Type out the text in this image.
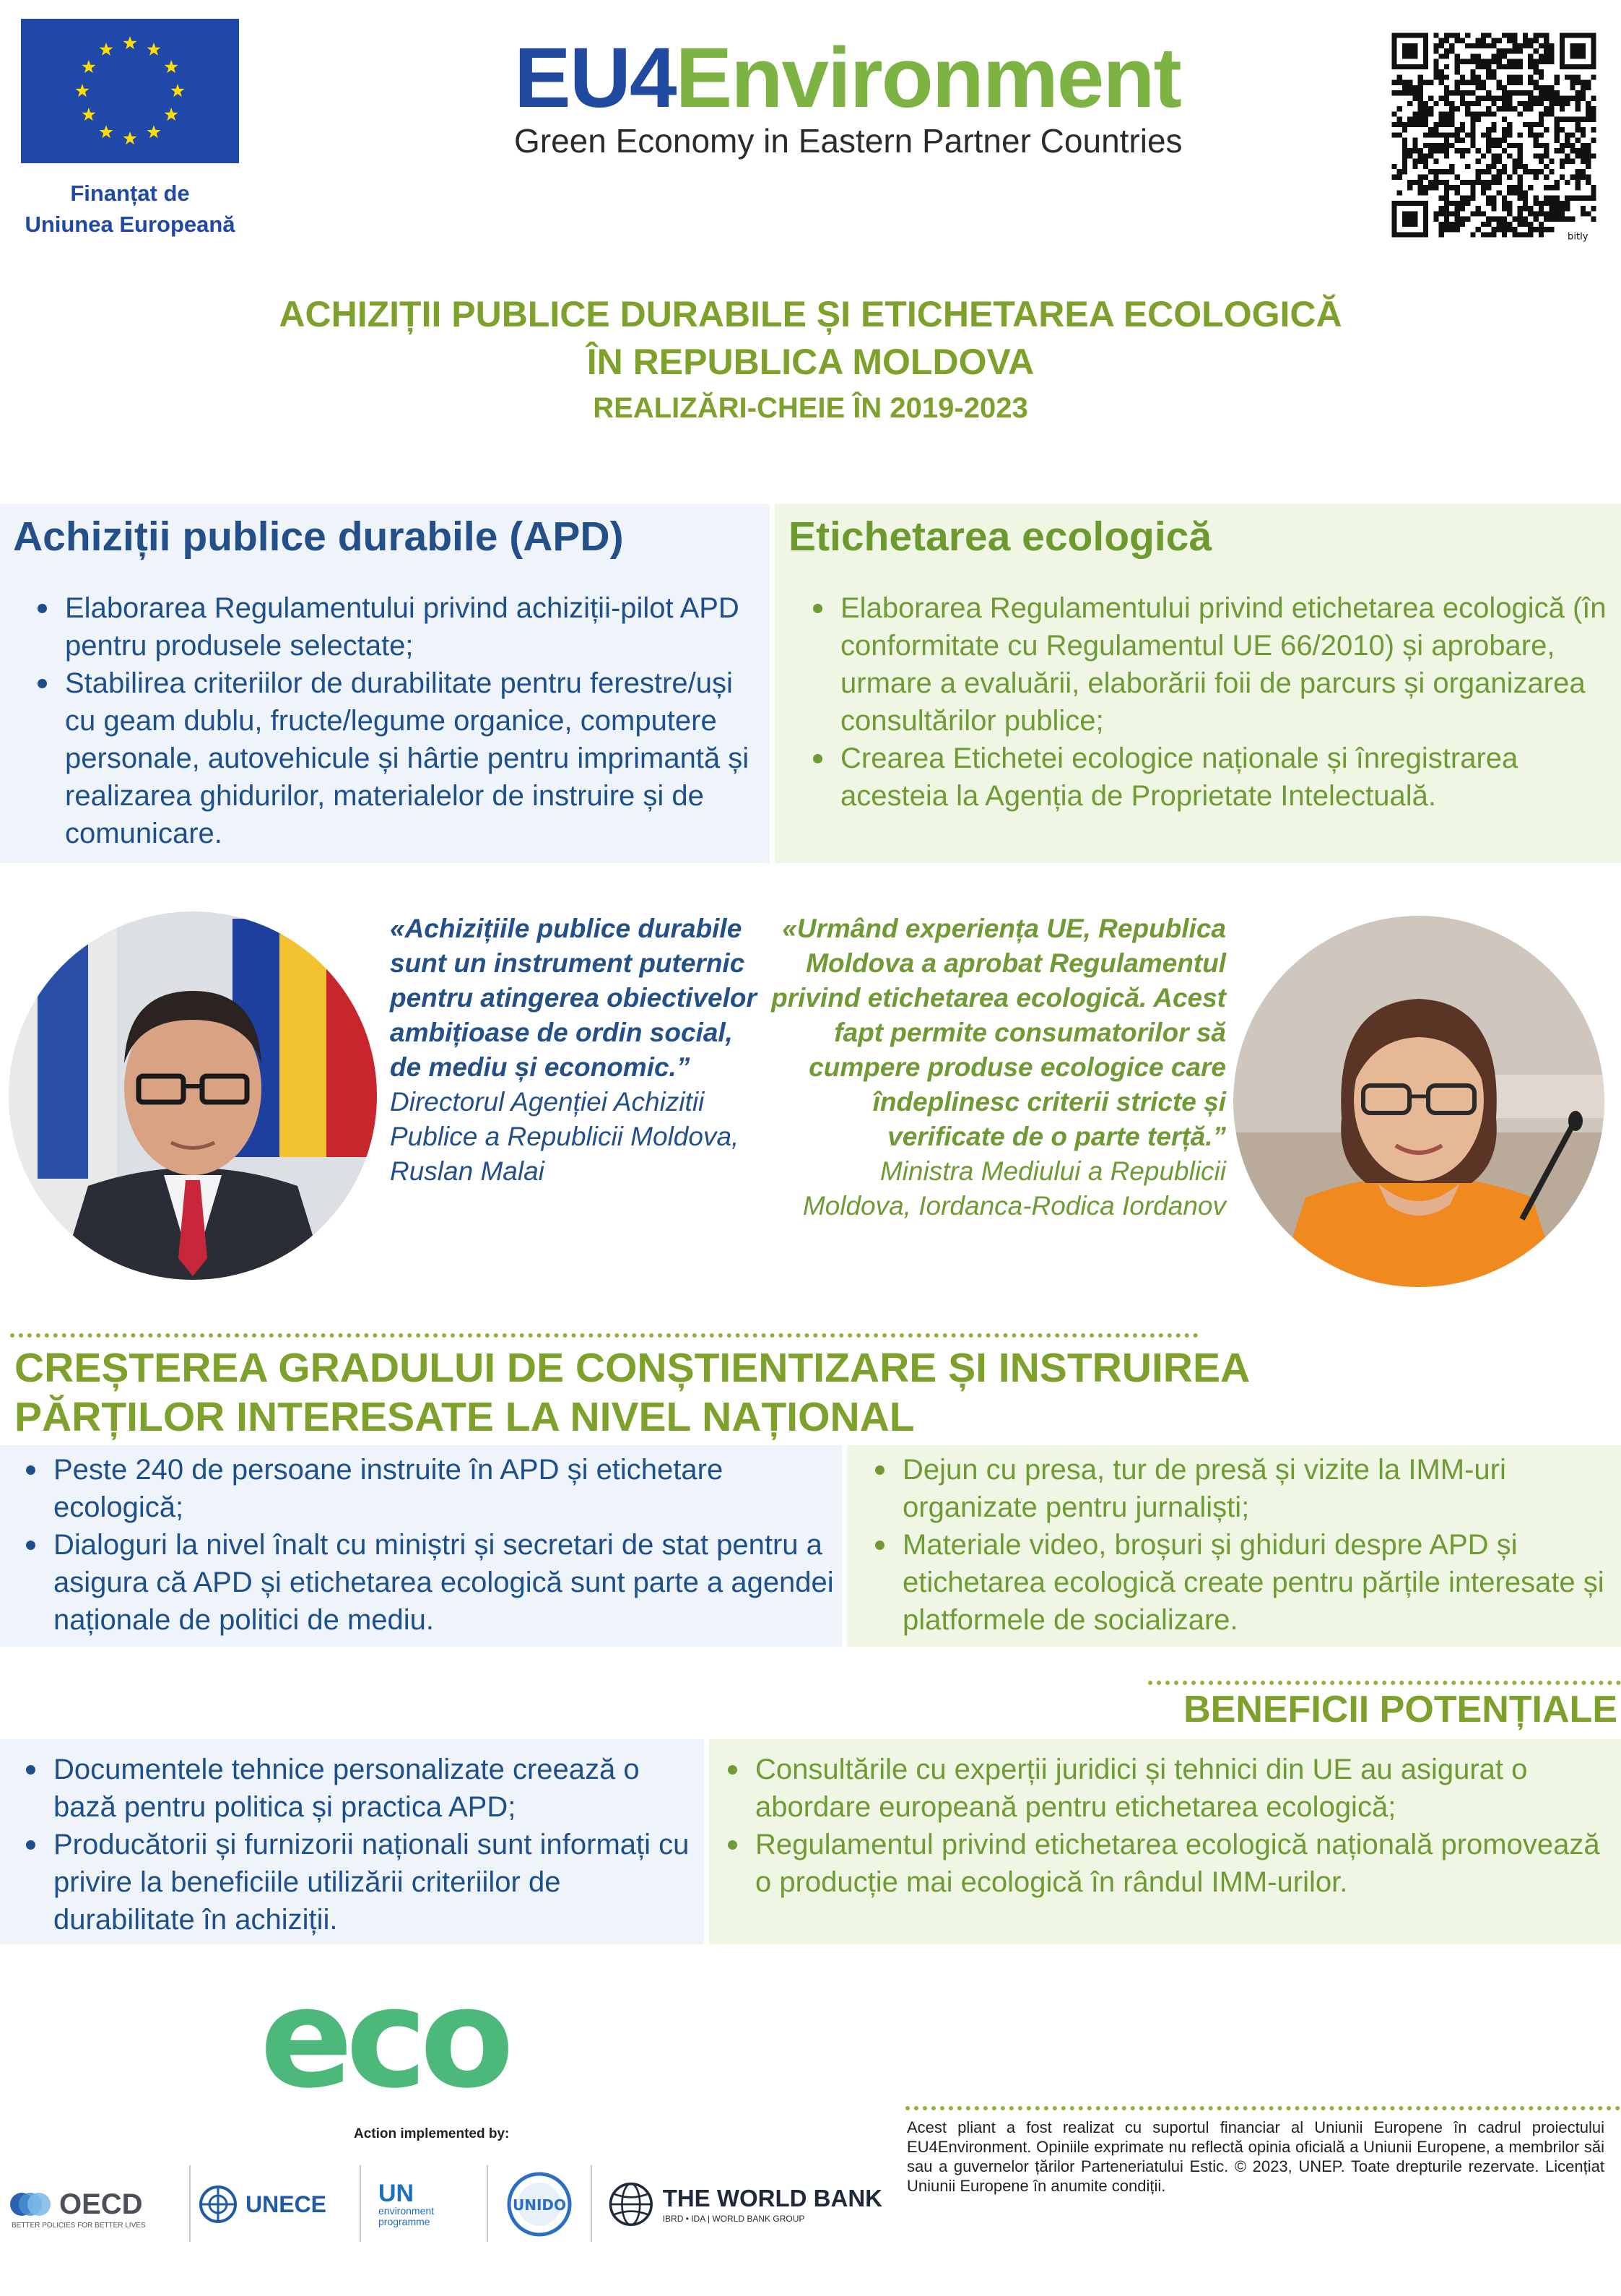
Finanțat de
Uniunea Europeană
EU4Environment
Green Economy in Eastern Partner Countries
bitly
ACHIZIȚII PUBLICE DURABILE ȘI ETICHETAREA ECOLOGICĂ
ÎN REPUBLICA MOLDOVA
REALIZĂRI-CHEIE ÎN 2019-2023
Achiziții publice durabile (APD)	Etichetarea ecologică
Elaborarea Regulamentului privind achiziții-pilot APD pentru produsele selectate;
Stabilirea criteriilor de durabilitate pentru ferestre/uși cu geam dublu, fructe/legume organice, computere personale, autovehicule și hârtie pentru imprimantă și realizarea ghidurilor, materialelor de instruire și de comunicare.
Elaborarea Regulamentului privind etichetarea ecologică (în conformitate cu Regulamentul UE 66/2010) și aprobare, urmare a evaluării, elaborării foii de parcurs și organizarea consultărilor publice;
Crearea Etichetei ecologice naționale și înregistrarea acesteia la Agenția de Proprietate Intelectuală.
«Achizițiile publice durabile sunt un instrument puternic pentru atingerea obiectivelor ambițioase de ordin social, de mediu și economic.”
Directorul Agenției Achizitii Publice a Republicii Moldova, Ruslan Malai
«Urmând experiența UE, Republica Moldova a aprobat Regulamentul privind etichetarea ecologică. Acest fapt permite consumatorilor să cumpere produse ecologice care îndeplinesc criterii stricte și verificate de o parte terță.”
Ministra Mediului a Republicii Moldova, Iordanca-Rodica Iordanov
CREȘTEREA GRADULUI DE CONȘTIENTIZARE ȘI INSTRUIREA
PĂRȚILOR INTERESATE LA NIVEL NAȚIONAL
Peste 240 de persoane instruite în APD și etichetare ecologică;
Dialoguri la nivel înalt cu miniștri și secretari de stat pentru a asigura că APD și etichetarea ecologică sunt parte a agendei naționale de politici de mediu.
Dejun cu presa, tur de presă și vizite la IMM-uri organizate pentru jurnaliști;
Materiale video, broșuri și ghiduri despre APD și etichetarea ecologică create pentru părțile interesate și platformele de socializare.
BENEFICII POTENȚIALE
Documentele tehnice personalizate creează o bază pentru politica și practica APD;
Producătorii și furnizorii naționali sunt informați cu privire la beneficiile utilizării criteriilor de durabilitate în achiziții.
Consultările cu experții juridici și tehnici din UE au asigurat o abordare europeană pentru etichetarea ecologică;
Regulamentul privind etichetarea ecologică națională promovează o producție mai ecologică în rândul IMM-urilor.
eco
Action implemented by:
OECD
BETTER POLICIES FOR BETTER LIVES
UNECE UN
environment
programme
UNIDO	THE WORLD BANK
IBRD • IDA | WORLD BANK GROUP
Acest pliant a fost realizat cu suportul financiar al Uniunii Europene în cadrul proiectului EU4Environment. Opiniile exprimate nu reflectă opinia oficială a Uniunii Europene, a membrilor săi sau a guvernelor țărilor Parteneriatului Estic. © 2023, UNEP. Toate drepturile rezervate. Licențiat Uniunii Europene în anumite condiții.
